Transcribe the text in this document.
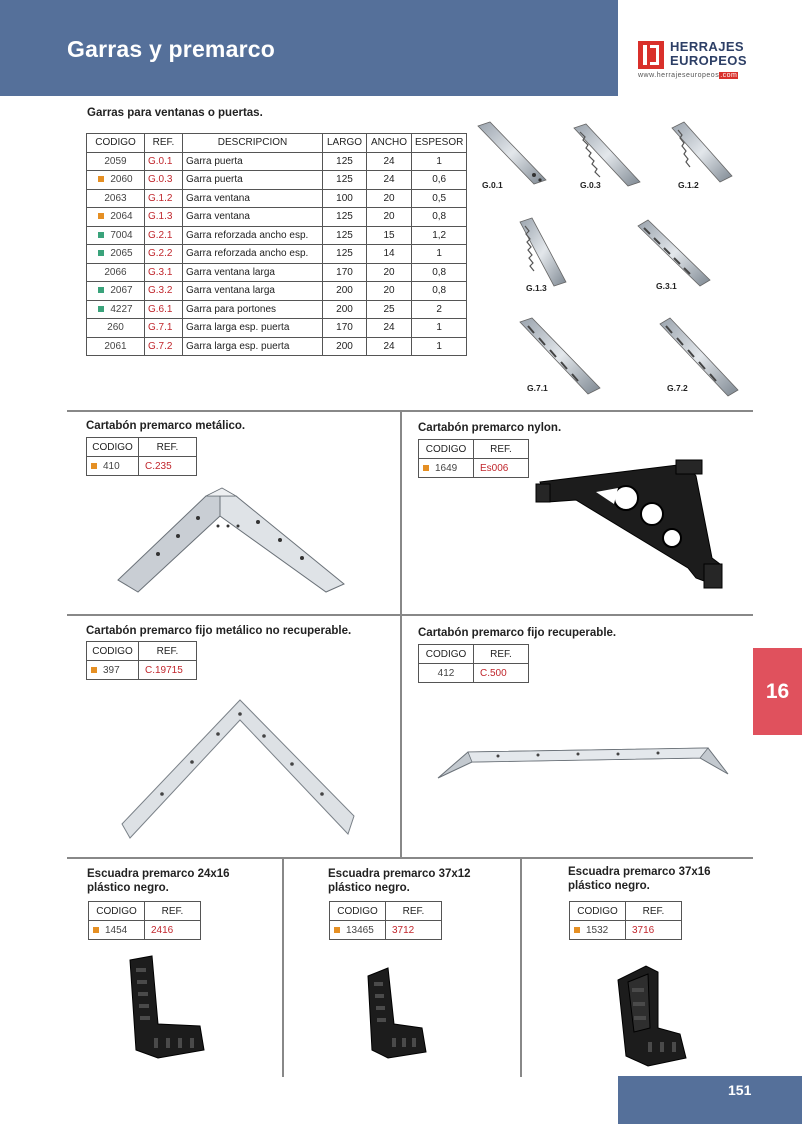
Garras y premarco	HERRAJES
EUROPEOS
www.herrajeseuropeos.com
Garras para ventanas o puertas.
CODIGO	REF.	DESCRIPCION	LARGO	ANCHO	ESPESOR
2059	G.0.1	Garra puerta	125	24	1
2060	G.0.3	Garra puerta	125	24	0,6
2063	G.1.2	Garra ventana	100	20	0,5
2064	G.1.3	Garra ventana	125	20	0,8
7004	G.2.1	Garra reforzada ancho esp.	125	15	1,2
2065	G.2.2	Garra reforzada ancho esp.	125	14	1
2066	G.3.1	Garra ventana larga	170	20	0,8
2067	G.3.2	Garra ventana larga	200	20	0,8
4227	G.6.1	Garra para portones	200	25	2
260	G.7.1	Garra larga esp. puerta	170	24	1
2061	G.7.2	Garra larga esp. puerta	200	24	1
G.0.1	G.0.3	G.1.2
G.1.3	G.3.1
G.7.1	G.7.2
Cartabón premarco metálico.
CODIGO	REF.
410	C.235
Cartabón premarco nylon.
CODIGO	REF.
1649	Es006
Cartabón premarco fijo metálico no recuperable.
CODIGO	REF.
397	C.19715
Cartabón premarco fijo recuperable.
CODIGO	REF.
412	C.500
Escuadra premarco 24x16
plástico negro.
CODIGO	REF.
1454	2416
Escuadra premarco 37x12
plástico negro.
CODIGO	REF.
13465	3712
Escuadra premarco 37x16
plástico negro.
CODIGO	REF.
1532	3716
16
151
